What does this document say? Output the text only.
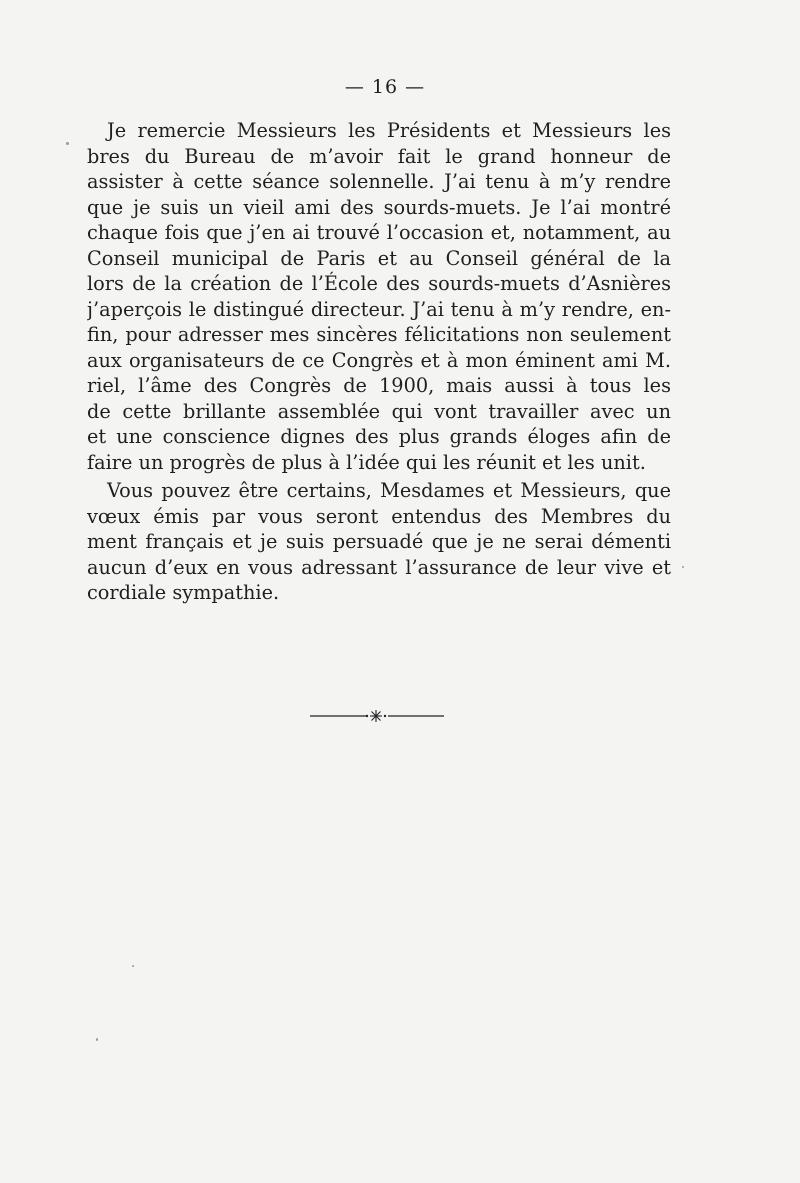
— 16 —

Je remercie Messieurs les Présidents et Messieurs les
bres du Bureau de m’avoir fait le grand honneur de
assister à cette séance solennelle. J’ai tenu à m’y rendre
que je suis un vieil ami des sourds-muets. Je l’ai montré
chaque fois que j’en ai trouvé l’occasion et, notamment, au
Conseil municipal de Paris et au Conseil général de la
lors de la création de l’École des sourds-muets d’Asnières
j’aperçois le distingué directeur. J’ai tenu à m’y rendre, en-
fin, pour adresser mes sincères félicitations non seulement
aux organisateurs de ce Congrès et à mon éminent ami M.
riel, l’âme des Congrès de 1900, mais aussi à tous les
de cette brillante assemblée qui vont travailler avec un
et une conscience dignes des plus grands éloges afin de
faire un progrès de plus à l’idée qui les réunit et les unit.

Vous pouvez être certains, Mesdames et Messieurs, que
vœux émis par vous seront entendus des Membres du
ment français et je suis persuadé que je ne serai démenti
aucun d’eux en vous adressant l’assurance de leur vive et
cordiale sympathie.
